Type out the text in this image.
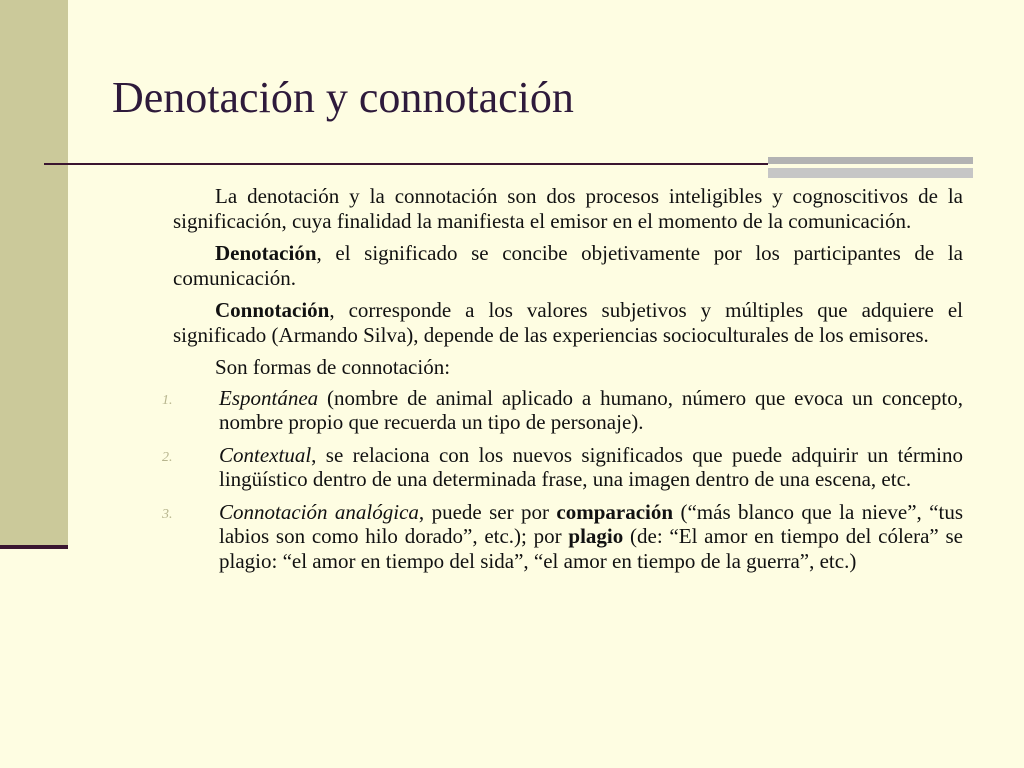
Denotación y connotación

La denotación y la connotación son dos procesos inteligibles y cognoscitivos de la significación, cuya finalidad la manifiesta el emisor en el momento de la comunicación.

Denotación, el significado se concibe objetivamente por los participantes de la comunicación.

Connotación, corresponde a los valores subjetivos y múltiples que adquiere el significado (Armando Silva), depende de las experiencias socioculturales de los emisores.

Son formas de connotación:

1. Espontánea (nombre de animal aplicado a humano, número que evoca un concepto, nombre propio que recuerda un tipo de personaje).
2. Contextual, se relaciona con los nuevos significados que puede adquirir un término lingüístico dentro de una determinada frase, una imagen dentro de una escena, etc.
3. Connotación analógica, puede ser por comparación (“más blanco que la nieve”, “tus labios son como hilo dorado”, etc.); por plagio (de: “El amor en tiempo del cólera” se plagio: “el amor en tiempo del sida”, “el amor en tiempo de la guerra”, etc.)
